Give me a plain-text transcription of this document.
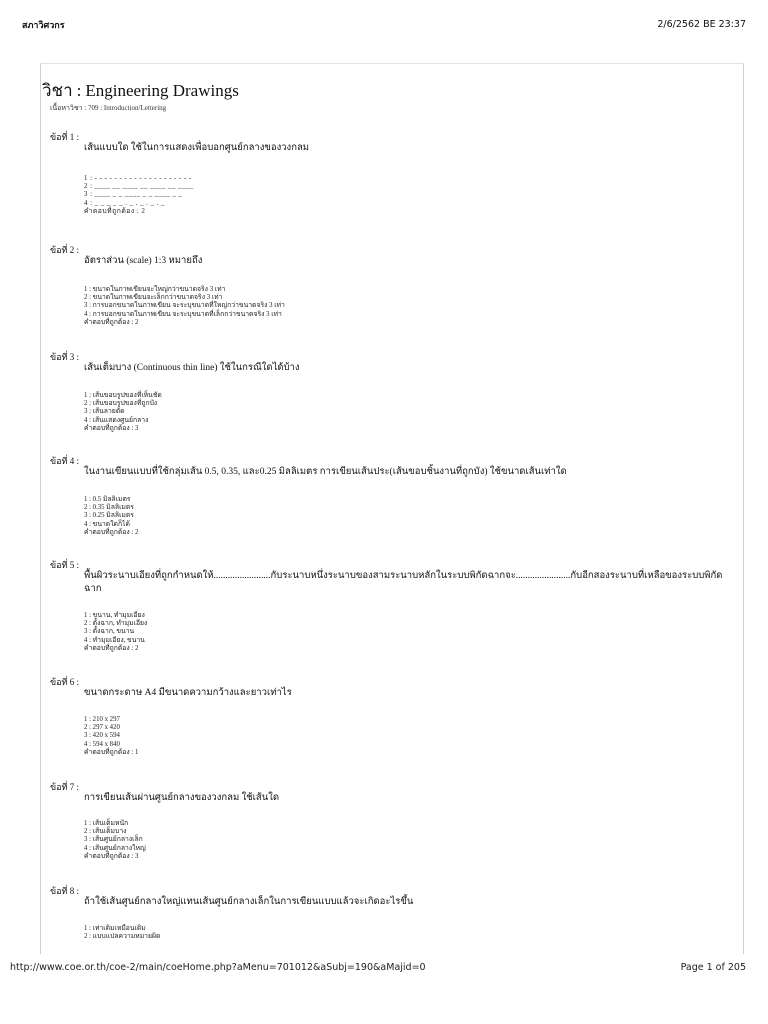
สภาวิศวกร	2/6/2562 BE 23:37
วิชา : Engineering Drawings
เนื้อหาวิชา : 709 : Introduction/Lettering
ข้อที่ 1 :
เส้นแบบใด ใช้ในการแสดงเพื่อบอกศูนย์กลางของวงกลม
1 : - - - - - - - - - - - - - - - - - - - -
2 : ____ __ ____ __ ____ __ ____
3 : ____ _ _ ____ _ _ ____ _ _
4 : _ _ _ _ _ . _ . _ . _ . _
คำตอบที่ถูกต้อง : 2
ข้อที่ 2 :
อัตราส่วน (scale) 1:3 หมายถึง
1 : ขนาดในภาพเขียนจะใหญ่กว่าขนาดจริง 3 เท่า
2 : ขนาดในภาพเขียนจะเล็กกว่าขนาดจริง 3 เท่า
3 : การบอกขนาดในภาพเขียน จะระบุขนาดที่ใหญ่กว่าขนาดจริง 3 เท่า
4 : การบอกขนาดในภาพเขียน จะระบุขนาดที่เล็กกว่าขนาดจริง 3 เท่า
คำตอบที่ถูกต้อง : 2
ข้อที่ 3 :
เส้นเต็มบาง (Continuous thin line) ใช้ในกรณีใดได้บ้าง
1 : เส้นขอบรูปของที่เห็นชัด
2 : เส้นขอบรูปของที่ถูกบัง
3 : เส้นลายตัด
4 : เส้นแสดงศูนย์กลาง
คำตอบที่ถูกต้อง : 3
ข้อที่ 4 :
ในงานเขียนแบบที่ใช้กลุ่มเส้น 0.5, 0.35, และ0.25 มิลลิเมตร การเขียนเส้นประ(เส้นขอบชิ้นงานที่ถูกบัง) ใช้ขนาดเส้นเท่าใด
1 : 0.5 มิลลิเมตร
2 : 0.35 มิลลิเมตร
3 : 0.25 มิลลิเมตร
4 : ขนาดใดก็ได้
คำตอบที่ถูกต้อง : 2
ข้อที่ 5 :
พื้นผิวระนาบเอียงที่ถูกกำหนดให้........................กับระนาบหนึ่งระนาบของสามระนาบหลักในระบบพิกัดฉากจะ.......................กับอีกสองระนาบที่เหลือของระบบพิกัดฉาก
1 : ขนาน, ทำมุมเอียง
2 : ตั้งฉาก, ทำมุมเอียง
3 : ตั้งฉาก, ขนาน
4 : ทำมุมเอียง, ขนาน
คำตอบที่ถูกต้อง : 2
ข้อที่ 6 :
ขนาดกระดาษ A4 มีขนาดความกว้างและยาวเท่าไร
1 : 210 x 297
2 : 297 x 420
3 : 420 x 594
4 : 594 x 840
คำตอบที่ถูกต้อง : 1
ข้อที่ 7 :
การเขียนเส้นผ่านศูนย์กลางของวงกลม ใช้เส้นใด
1 : เส้นเต็มหนัก
2 : เส้นเต็มบาง
3 : เส้นศูนย์กลางเล็ก
4 : เส้นศูนย์กลางใหญ่
คำตอบที่ถูกต้อง : 3
ข้อที่ 8 :
ถ้าใช้เส้นศูนย์กลางใหญ่แทนเส้นศูนย์กลางเล็กในการเขียนแบบแล้วจะเกิดอะไรขึ้น
1 : เท่าเดิมเหมือนเดิม
2 : แบบแปลความหมายผิด
http://www.coe.or.th/coe-2/main/coeHome.php?aMenu=701012&aSubj=190&aMajid=0	Page 1 of 205
